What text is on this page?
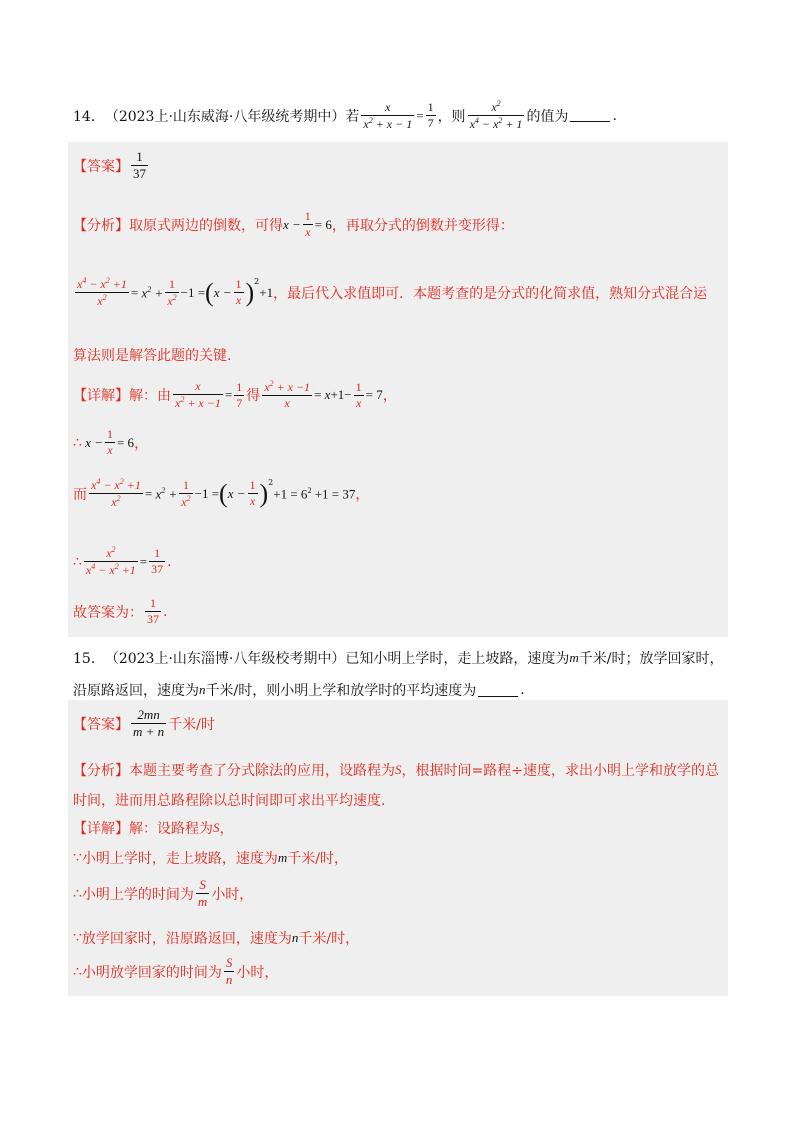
14． （2023上·山东威海·八年级统考期中）若 $\frac{x}{x^2 + x - 1} = \frac{1}{7}$ ，则 $\frac{x^2}{x^4 - x^2 + 1}$ 的值为	.
【答案】 $\frac{1}{37}$
【分析】 取原式两边的倒数，可得 $x - \frac{1}{x} = 6$ ，再取分式的倒数并变形得：
$\frac{x^4 - x^2 +1}{x^2} = x^2 + \frac{1}{x^2} -1$ = ( $x - \frac{1}{x} )^2$
+1 ，最后代入求值即可．本题考查的是分式的化简求值，熟知分式混合运
算法则是解答此题的关键.
【详解】 解：由 $\frac{x}{x^2 + x -1} = \frac{1}{7}$ 得 $\frac{x^2 + x -1}{x} = x +1- \frac{1}{x} = 7$ ，
∴ $x - \frac{1}{x} = 6$ ，
而 $\frac{x^4 - x^2 +1}{x^2} = x^2 + \frac{1}{x^2} -1$ = ( $x - \frac{1}{x} )^2$
$+1 = 6^2 +1 = 37$ ，
∴ $\frac{x^2}{x^4 - x^2 +1} = \frac{1}{37}$ .
故答案为： $\frac{1}{37}$ .
15． （2023上·山东淄博·八年级校考期中）已知小明上学时，走上坡路，速度为 m 千米/时；放学回家时，
沿原路返回，速度为 n 千米/时，则小明上学和放学时的平均速度为	.
【答案】 $\frac{2mn}{m + n}$ 千米/时
【分析】 本题主要考查了分式除法的应用，设路程为 S ，根据时间=路程÷速度，求出小明上学和放学的总
时间，进而用总路程除以总时间即可求出平均速度.
【详解】 解：设路程为 S ，
∵ 小明上学时，走上坡路，速度为 m 千米/时，
∴ 小明上学的时间为 $\frac{S}{m}$ 小时，
∵ 放学回家时，沿原路返回，速度为 n 千米/时，
∴ 小明放学回家的时间为 $\frac{S}{n}$ 小时，
